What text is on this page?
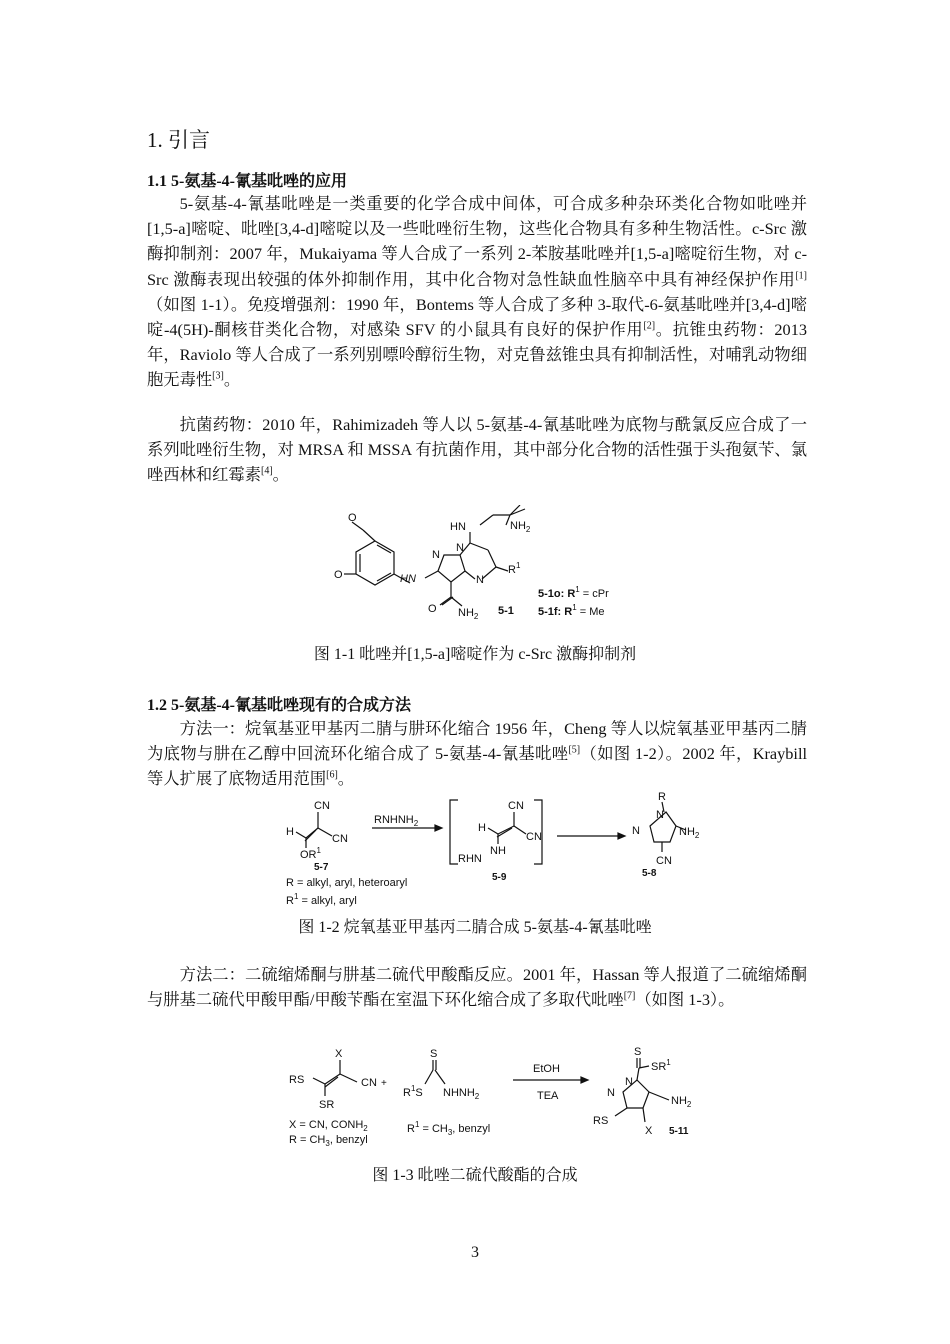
1. 引言
1.1 5-氨基-4-氰基吡唑的应用

5-氨基-4-氰基吡唑是一类重要的化学合成中间体，可合成多种杂环类化合物如吡唑并[1,5-a]嘧啶、吡唑[3,4-d]嘧啶以及一些吡唑衍生物，这些化合物具有多种生物活性。c-Src 激酶抑制剂：2007 年，Mukaiyama 等人合成了一系列 2-苯胺基吡唑并[1,5-a]嘧啶衍生物，对 c-Src 激酶表现出较强的体外抑制作用，其中化合物对急性缺血性脑卒中具有神经保护作用[1]（如图 1-1）。免疫增强剂：1990 年，Bontems 等人合成了多种 3-取代-6-氨基吡唑并[3,4-d]嘧啶-4(5H)-酮核苷类化合物，对感染 SFV 的小鼠具有良好的保护作用[2]。抗锥虫药物：2013 年，Raviolo 等人合成了一系列别嘌呤醇衍生物，对克鲁兹锥虫具有抑制活性，对哺乳动物细胞无毒性[3]。

抗菌药物：2010 年，Rahimizadeh 等人以 5-氨基-4-氰基吡唑为底物与酰氯反应合成了一系列吡唑衍生物，对 MRSA 和 MSSA 有抗菌作用，其中部分化合物的活性强于头孢氨苄、氯唑西林和红霉素[4]。

O
O	HN
N
N
N
HN	$NH_2$
$R^1$
O $NH_2$ 5-1
5-1o: $R^1$ = cPr
5-1f: $R^1 = Me$
图 1-1 吡唑并[1,5-a]嘧啶作为 c-Src 激酶抑制剂
1.2 5-氨基-4-氰基吡唑现有的合成方法

方法一：烷氧基亚甲基丙二腈与肼环化缩合 1956 年，Cheng 等人以烷氧基亚甲基丙二腈为底物与肼在乙醇中回流环化缩合成了 5-氨基-4-氰基吡唑[5]（如图 1-2）。2002 年，Kraybill 等人扩展了底物适用范围[6]。

CN
CN
H
$OR^1$
5-7
$RNHNH_2$
CN
CN
H
NH
RHN
5-9
R
N
N	$NH_2$
CN
5-8
R = alkyl, aryl, heteroaryl
$R^1$ = alkyl, aryl
图 1-2 烷氧基亚甲基丙二腈合成 5-氨基-4-氰基吡唑

方法二：二硫缩烯酮与肼基二硫代甲酸酯反应。2001 年，Hassan 等人报道了二硫缩烯酮与肼基二硫代甲酸甲酯/甲酸苄酯在室温下环化缩合成了多取代吡唑[7]（如图 1-3）。

X
RS	CN +
SR
X = CN, $CONH_2$
$R = CH_3$, benzyl
S
$R^1S$ $NHNH_2$
$R^1 = CH_3$, benzyl
EtOH
TEA
S
$SR^1$
N
N
$NH_2$
RS
X 5-11
图 1-3 吡唑二硫代酸酯的合成
3
